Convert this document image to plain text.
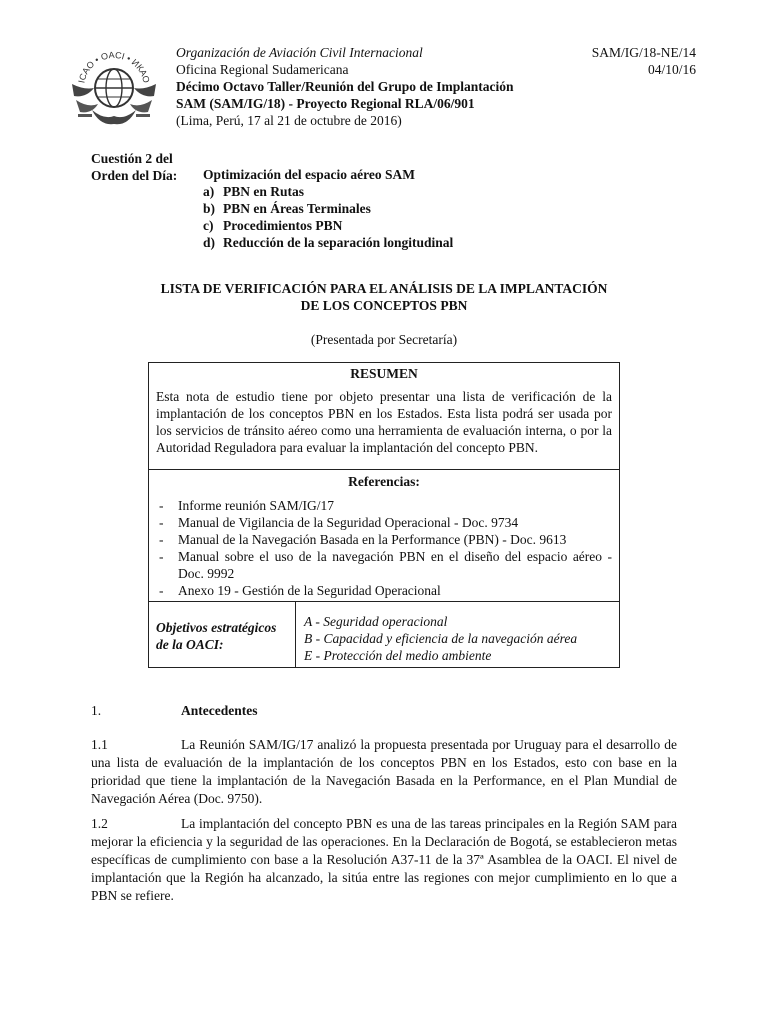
ICAO • OACI • ИКАО
Organización de Aviación Civil Internacional
Oficina Regional Sudamericana
Décimo Octavo Taller/Reunión del Grupo de Implantación
SAM (SAM/IG/18) - Proyecto Regional RLA/06/901
(Lima, Perú, 17 al 21 de octubre de 2016)
SAM/IG/18-NE/14
04/10/16
Cuestión 2 del
Orden del Día: Optimización del espacio aéreo SAM
a) PBN en Rutas
b) PBN en Áreas Terminales
c) Procedimientos PBN
d) Reducción de la separación longitudinal
LISTA DE VERIFICACIÓN PARA EL ANÁLISIS DE LA IMPLANTACIÓN
DE LOS CONCEPTOS PBN
(Presentada por Secretaría)
RESUMEN
Esta nota de estudio tiene por objeto presentar una lista de verificación de la implantación de los conceptos PBN en los Estados. Esta lista podrá ser usada por los servicios de tránsito aéreo como una herramienta de evaluación interna, o por la Autoridad Reguladora para evaluar la implantación del concepto PBN.
Referencias:
-	Informe reunión SAM/IG/17
-	Manual de Vigilancia de la Seguridad Operacional - Doc. 9734
-	Manual de la Navegación Basada en la Performance (PBN) - Doc. 9613
-	Manual sobre el uso de la navegación PBN en el diseño del espacio aéreo - Doc. 9992
-	Anexo 19 - Gestión de la Seguridad Operacional
Objetivos estratégicos de la OACI:
A - Seguridad operacional
B - Capacidad y eficiencia de la navegación aérea
E - Protección del medio ambiente
1.	Antecedentes
1.1	La Reunión SAM/IG/17 analizó la propuesta presentada por Uruguay para el desarrollo de una lista de evaluación de la implantación de los conceptos PBN en los Estados, esto con base en la prioridad que tiene la implantación de la Navegación Basada en la Performance, en el Plan Mundial de Navegación Aérea (Doc. 9750).
1.2	La implantación del concepto PBN es una de las tareas principales en la Región SAM para mejorar la eficiencia y la seguridad de las operaciones. En la Declaración de Bogotá, se establecieron metas específicas de cumplimiento con base a la Resolución A37-11 de la 37ª Asamblea de la OACI. El nivel de implantación que la Región ha alcanzado, la sitúa entre las regiones con mejor cumplimiento en lo que a PBN se refiere.
